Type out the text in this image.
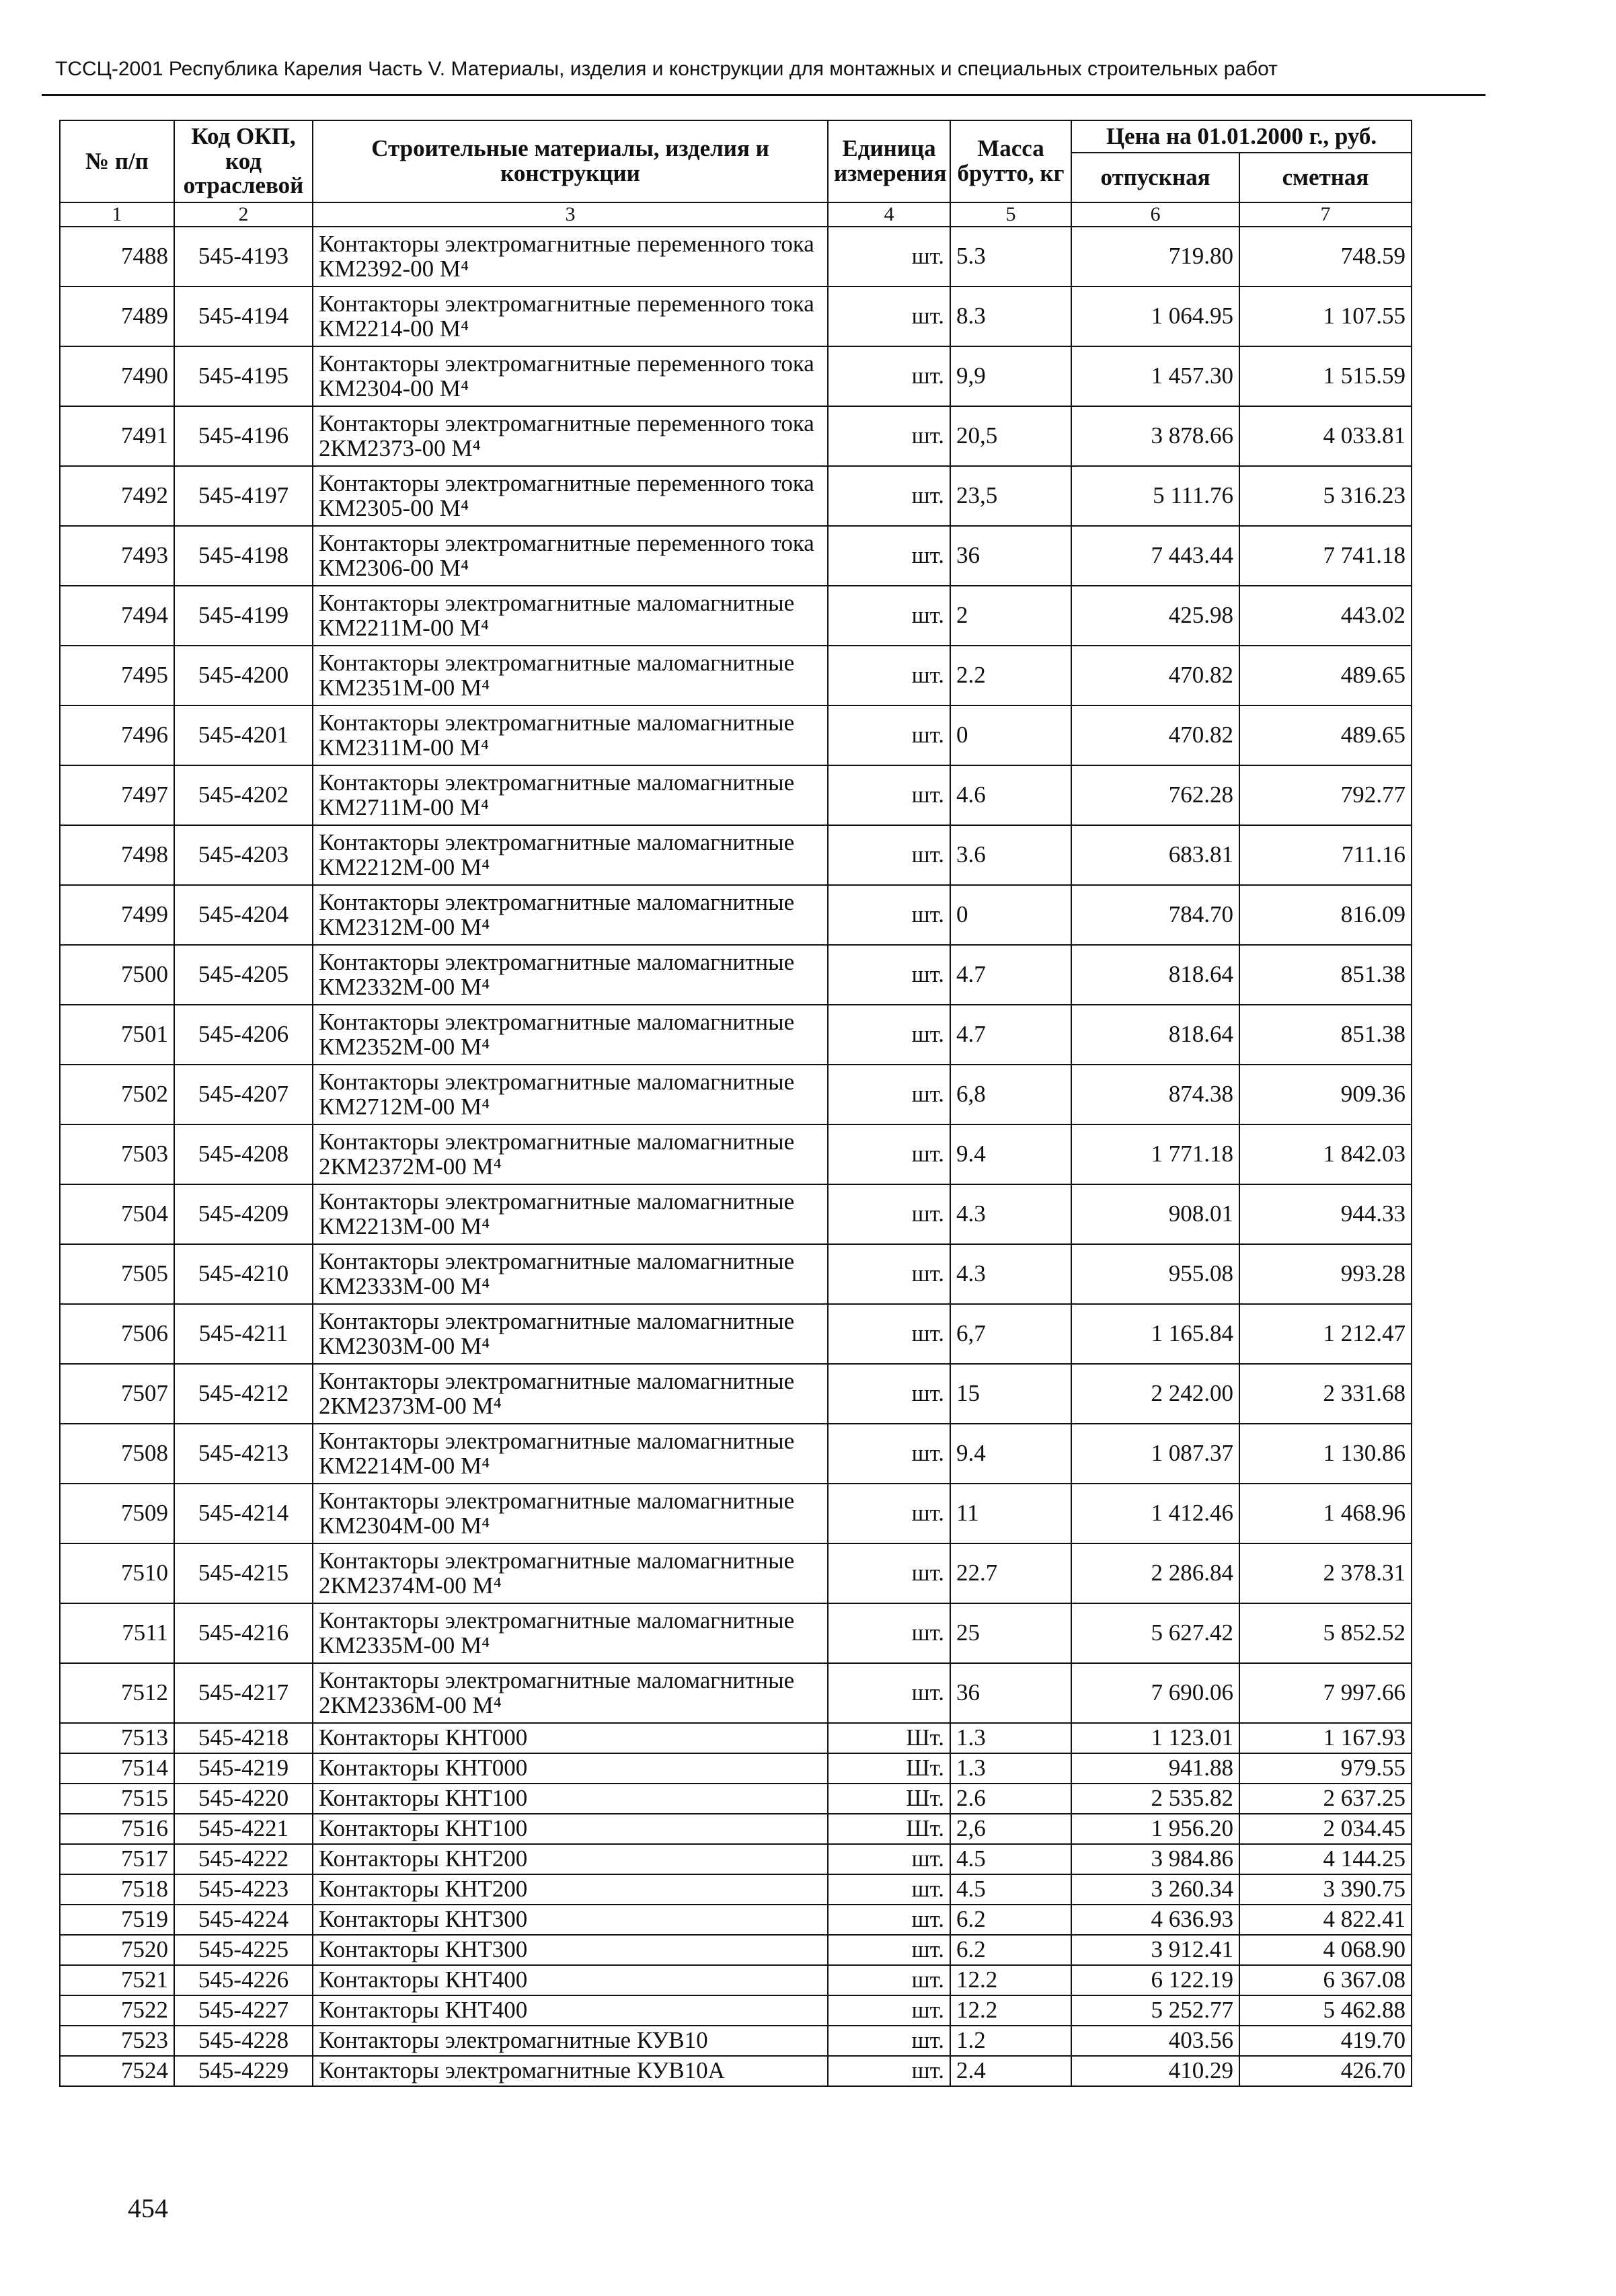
ТССЦ-2001 Республика Карелия Часть V. Материалы, изделия и конструкции для монтажных и специальных строительных работ
№ п/п	Код ОКП, код отраслевой	Строительные материалы, изделия и конструкции	Единица измерения	Масса брутто, кг	Цена на 01.01.2000 г., руб.	
					отпускная	сметная
1	2	3	4	5	6	7
7488	545-4193	Контакторы электромагнитные переменного тока КМ2392-00 М⁴	шт.	5.3	719.80	748.59
7489	545-4194	Контакторы электромагнитные переменного тока КМ2214-00 М⁴	шт.	8.3	1 064.95	1 107.55
7490	545-4195	Контакторы электромагнитные переменного тока КМ2304-00 М⁴	шт.	9,9	1 457.30	1 515.59
7491	545-4196	Контакторы электромагнитные переменного тока 2КМ2373-00 М⁴	шт.	20,5	3 878.66	4 033.81
7492	545-4197	Контакторы электромагнитные переменного тока КМ2305-00 М⁴	шт.	23,5	5 111.76	5 316.23
7493	545-4198	Контакторы электромагнитные переменного тока КМ2306-00 М⁴	шт.	36	7 443.44	7 741.18
7494	545-4199	Контакторы электромагнитные маломагнитные КМ2211М-00 М⁴	шт.	2	425.98	443.02
7495	545-4200	Контакторы электромагнитные маломагнитные КМ2351М-00 М⁴	шт.	2.2	470.82	489.65
7496	545-4201	Контакторы электромагнитные маломагнитные КМ2311М-00 М⁴	шт.	0	470.82	489.65
7497	545-4202	Контакторы электромагнитные маломагнитные КМ2711М-00 М⁴	шт.	4.6	762.28	792.77
7498	545-4203	Контакторы электромагнитные маломагнитные КМ2212М-00 М⁴	шт.	3.6	683.81	711.16
7499	545-4204	Контакторы электромагнитные маломагнитные КМ2312М-00 М⁴	шт.	0	784.70	816.09
7500	545-4205	Контакторы электромагнитные маломагнитные КМ2332М-00 М⁴	шт.	4.7	818.64	851.38
7501	545-4206	Контакторы электромагнитные маломагнитные КМ2352М-00 М⁴	шт.	4.7	818.64	851.38
7502	545-4207	Контакторы электромагнитные маломагнитные КМ2712М-00 М⁴	шт.	6,8	874.38	909.36
7503	545-4208	Контакторы электромагнитные маломагнитные 2КМ2372М-00 М⁴	шт.	9.4	1 771.18	1 842.03
7504	545-4209	Контакторы электромагнитные маломагнитные КМ2213М-00 М⁴	шт.	4.3	908.01	944.33
7505	545-4210	Контакторы электромагнитные маломагнитные КМ2333М-00 М⁴	шт.	4.3	955.08	993.28
7506	545-4211	Контакторы электромагнитные маломагнитные КМ2303М-00 М⁴	шт.	6,7	1 165.84	1 212.47
7507	545-4212	Контакторы электромагнитные маломагнитные 2КМ2373М-00 М⁴	шт.	15	2 242.00	2 331.68
7508	545-4213	Контакторы электромагнитные маломагнитные КМ2214М-00 М⁴	шт.	9.4	1 087.37	1 130.86
7509	545-4214	Контакторы электромагнитные маломагнитные КМ2304М-00 М⁴	шт.	11	1 412.46	1 468.96
7510	545-4215	Контакторы электромагнитные маломагнитные 2КМ2374М-00 М⁴	шт.	22.7	2 286.84	2 378.31
7511	545-4216	Контакторы электромагнитные маломагнитные КМ2335М-00 М⁴	шт.	25	5 627.42	5 852.52
7512	545-4217	Контакторы электромагнитные маломагнитные 2КМ2336М-00 М⁴	шт.	36	7 690.06	7 997.66
7513	545-4218	Контакторы КНТ000	Шт.	1.3	1 123.01	1 167.93
7514	545-4219	Контакторы КНТ000	Шт.	1.3	941.88	979.55
7515	545-4220	Контакторы КНТ100	Шт.	2.6	2 535.82	2 637.25
7516	545-4221	Контакторы КНТ100	Шт.	2,6	1 956.20	2 034.45
7517	545-4222	Контакторы КНТ200	шт.	4.5	3 984.86	4 144.25
7518	545-4223	Контакторы КНТ200	шт.	4.5	3 260.34	3 390.75
7519	545-4224	Контакторы КНТ300	шт.	6.2	4 636.93	4 822.41
7520	545-4225	Контакторы КНТ300	шт.	6.2	3 912.41	4 068.90
7521	545-4226	Контакторы КНТ400	шт.	12.2	6 122.19	6 367.08
7522	545-4227	Контакторы КНТ400	шт.	12.2	5 252.77	5 462.88
7523	545-4228	Контакторы электромагнитные КУВ10	шт.	1.2	403.56	419.70
7524	545-4229	Контакторы электромагнитные КУВ10А	шт.	2.4	410.29	426.70
454
